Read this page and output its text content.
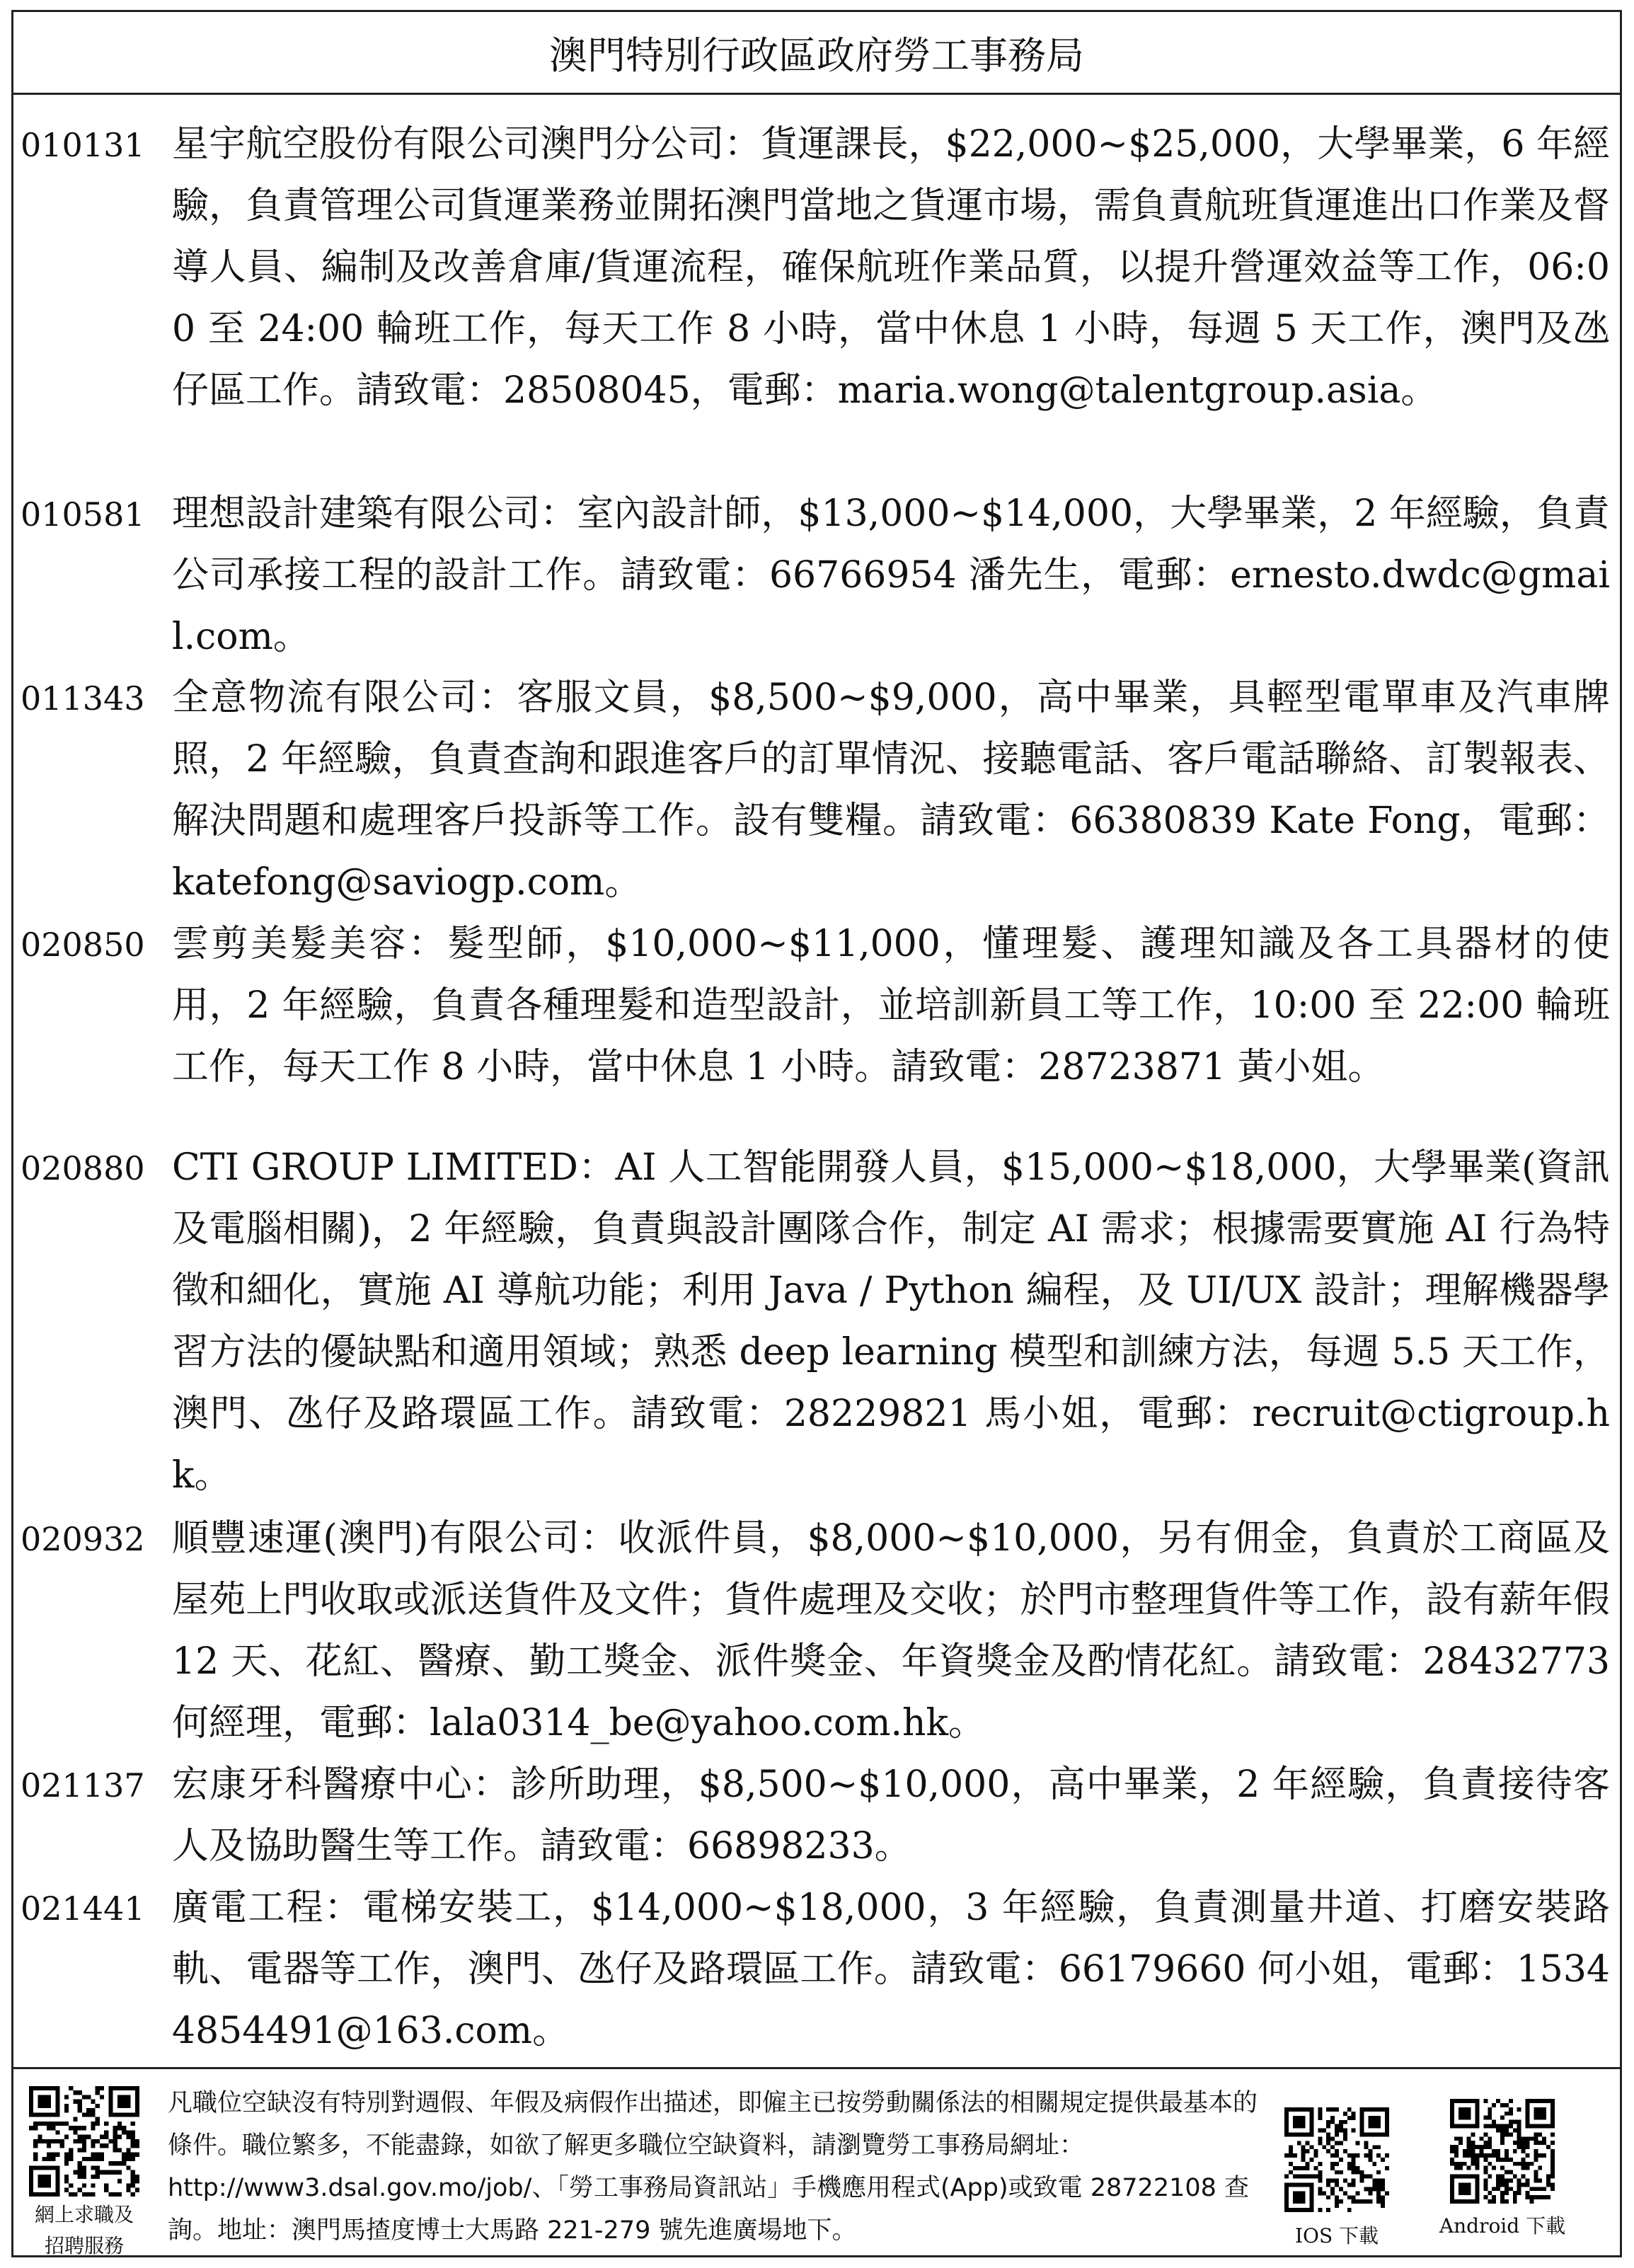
澳門特別行政區政府勞工事務局
010131 星宇航空股份有限公司澳門分公司：貨運課長，$22,000~$25,000，大學畢業，6 年經驗，負責管理公司貨運業務並開拓澳門當地之貨運市場，需負責航班貨運進出口作業及督導人員、編制及改善倉庫/貨運流程，確保航班作業品質，以提升營運效益等工作，06:00 至 24:00 輪班工作，每天工作 8 小時，當中休息 1 小時，每週 5 天工作，澳門及氹仔區工作。請致電：28508045，電郵：maria.wong@talentgroup.asia。
010581 理想設計建築有限公司：室內設計師，$13,000~$14,000，大學畢業，2 年經驗，負責公司承接工程的設計工作。請致電：66766954 潘先生，電郵：ernesto.dwdc@gmail.com。
011343 全意物流有限公司：客服文員，$8,500~$9,000，高中畢業，具輕型電單車及汽車牌照，2 年經驗，負責查詢和跟進客戶的訂單情況、接聽電話、客戶電話聯絡、訂製報表、解決問題和處理客戶投訴等工作。設有雙糧。請致電：66380839 Kate Fong，電郵：katefong@saviogp.com。
020850 雲剪美髮美容：髮型師，$10,000~$11,000，懂理髮、護理知識及各工具器材的使用，2 年經驗，負責各種理髮和造型設計，並培訓新員工等工作，10:00 至 22:00 輪班工作，每天工作 8 小時，當中休息 1 小時。請致電：28723871 黃小姐。
020880 CTI GROUP LIMITED：AI 人工智能開發人員，$15,000~$18,000，大學畢業(資訊及電腦相關)，2 年經驗，負責與設計團隊合作，制定 AI 需求；根據需要實施 AI 行為特徵和細化，實施 AI 導航功能；利用 Java / Python 編程，及 UI/UX 設計；理解機器學習方法的優缺點和適用領域；熟悉 deep learning 模型和訓練方法，每週 5.5 天工作，澳門、氹仔及路環區工作。請致電：28229821 馬小姐，電郵：recruit@ctigroup.hk。
020932 順豐速運(澳門)有限公司：收派件員，$8,000~$10,000，另有佣金，負責於工商區及屋苑上門收取或派送貨件及文件；貨件處理及交收；於門市整理貨件等工作，設有薪年假 12 天、花紅、醫療、勤工獎金、派件獎金、年資獎金及酌情花紅。請致電：28432773 何經理，電郵：lala0314_be@yahoo.com.hk。
021137 宏康牙科醫療中心：診所助理，$8,500~$10,000，高中畢業，2 年經驗，負責接待客人及協助醫生等工作。請致電：66898233。
021441 廣電工程：電梯安裝工，$14,000~$18,000，3 年經驗，負責測量井道、打磨安裝路軌、電器等工作，澳門、氹仔及路環區工作。請致電：66179660 何小姐，電郵：15344854491@163.com。
網上求職及
招聘服務
凡職位空缺沒有特別對週假、年假及病假作出描述，即僱主已按勞動關係法的相關規定提供最基本的條件。職位繁多，不能盡錄，如欲了解更多職位空缺資料，請瀏覽勞工事務局網址：http://www3.dsal.gov.mo/job/、「勞工事務局資訊站」手機應用程式(App)或致電 28722108 查詢。地址：澳門馬揸度博士大馬路 221-279 號先進廣場地下。	IOS 下載	Android 下載
